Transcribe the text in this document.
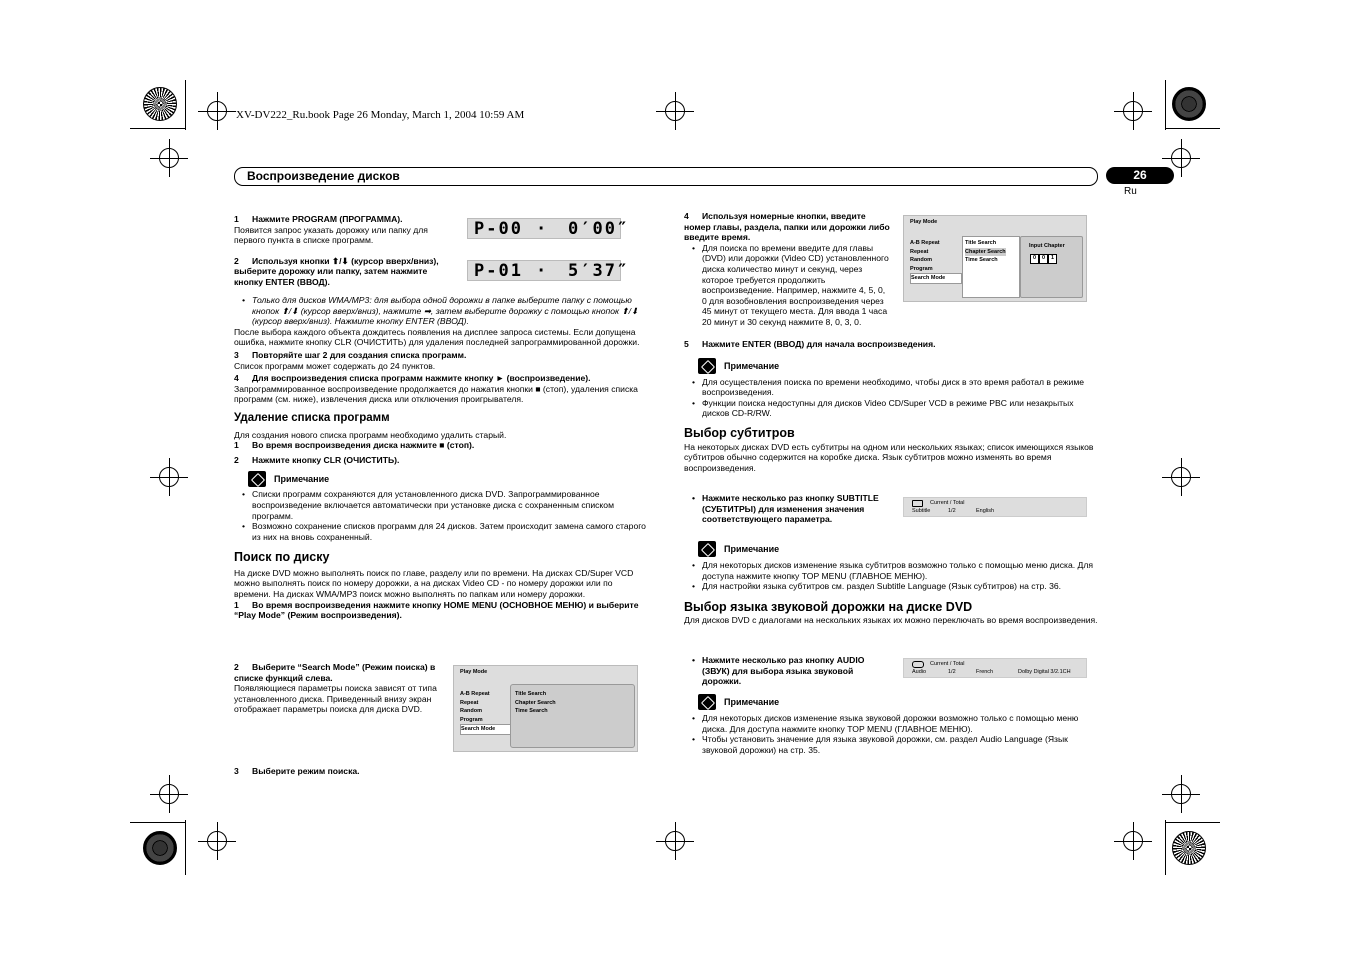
XV-DV222_Ru.book Page 26 Monday, March 1, 2004 10:59 AM
Воспроизведение дисков	26
Ru
P-00 · 0′00″
P-01 · 5′37″

1 Нажмите PROGRAM (ПРОГРАММА).

Появится запрос указать дорожку или папку для первого пункта в списке программ.

2 Используя кнопки ⬆/⬇ (курсор вверх/вниз), выберите дорожку или папку, затем нажмите кнопку ENTER (ВВОД).

• Только для дисков WMA/MP3: для выбора одной дорожки в папке выберите папку с помощью кнопок ⬆/⬇ (курсор вверх/вниз), нажмите ➡, затем выберите дорожку с помощью кнопок ⬆/⬇ (курсор вверх/вниз). Нажмите кнопку ENTER (ВВОД).

После выбора каждого объекта дождитесь появления на дисплее запроса системы. Если допущена ошибка, нажмите кнопку CLR (ОЧИСТИТЬ) для удаления последней запрограммированной дорожки.

3 Повторяйте шаг 2 для создания списка программ.

Список программ может содержать до 24 пунктов.

4 Для воспроизведения списка программ нажмите кнопку ► (воспроизведение).

Запрограммированное воспроизведение продолжается до нажатия кнопки ■ (стоп), удаления списка программ (см. ниже), извлечения диска или отключения проигрывателя.

Удаление списка программ

Для создания нового списка программ необходимо удалить старый.

1 Во время воспроизведения диска нажмите ■ (стоп).

2 Нажмите кнопку CLR (ОЧИСТИТЬ).

Примечание

• Списки программ сохраняются для установленного диска DVD. Запрограммированное воспроизведение включается автоматически при установке диска с сохраненным списком программ.

• Возможно сохранение списков программ для 24 дисков. Затем происходит замена самого старого из них на вновь сохраненный.

Поиск по диску

На диске DVD можно выполнять поиск по главе, разделу или по времени. На дисках CD/Super VCD можно выполнять поиск по номеру дорожки, а на дисках Video CD - по номеру дорожки или по времени. На дисках WMA/MP3 поиск можно выполнять по папкам или номеру дорожки.

1 Во время воспроизведения нажмите кнопку HOME MENU (ОСНОВНОЕ МЕНЮ) и выберите “Play Mode” (Режим воспроизведения).

2 Выберите “Search Mode” (Режим поиска) в списке функций слева.

Появляющиеся параметры поиска зависят от типа установленного диска. Приведенный внизу экран отображает параметры поиска для диска DVD.

3 Выберите режим поиска.

Play Mode
A-B Repeat
Repeat
Random
Program
Search Mode
Title Search
Chapter Search
Time Search

4 Используя номерные кнопки, введите номер главы, раздела, папки или дорожки либо введите время.

• Для поиска по времени введите для главы (DVD) или дорожки (Video CD) установленного диска количество минут и секунд, через которое требуется продолжить воспроизведение. Например, нажмите 4, 5, 0, 0 для возобновления воспроизведения через 45 минут от текущего места. Для ввода 1 часа 20 минут и 30 секунд нажмите 8, 0, 3, 0.

Play Mode
A-B Repeat
Repeat
Random
Program
Search Mode
Title Search
Chapter Search
Time Search
Input Chapter
0 0 1

5 Нажмите ENTER (ВВОД) для начала воспроизведения.

Примечание

• Для осуществления поиска по времени необходимо, чтобы диск в это время работал в режиме воспроизведения.

• Функции поиска недоступны для дисков Video CD/Super VCD в режиме PBC или незакрытых дисков CD-R/RW.

Выбор субтитров

На некоторых дисках DVD есть субтитры на одном или нескольких языках; список имеющихся языков субтитров обычно содержится на коробке диска. Язык субтитров можно изменять во время воспроизведения.

• Нажмите несколько раз кнопку SUBTITLE (СУБТИТРЫ) для изменения значения соответствующего параметра.

Current / Total
Subtitle	1/2	English
Примечание

• Для некоторых дисков изменение языка субтитров возможно только с помощью меню диска. Для доступа нажмите кнопку TOP MENU (ГЛАВНОЕ МЕНЮ).

• Для настройки языка субтитров см. раздел Subtitle Language (Язык субтитров) на стр. 36.

Выбор языка звуковой дорожки на диске DVD

Для дисков DVD с диалогами на нескольких языках их можно переключать во время воспроизведения.

• Нажмите несколько раз кнопку AUDIO (ЗВУК) для выбора языка звуковой дорожки.

Current / Total
Audio	1/2	French	Dolby Digital 3/2.1CH
Примечание

• Для некоторых дисков изменение языка звуковой дорожки возможно только с помощью меню диска. Для доступа нажмите кнопку TOP MENU (ГЛАВНОЕ МЕНЮ).

• Чтобы установить значение для языка звуковой дорожки, см. раздел Audio Language (Язык звуковой дорожки) на стр. 35.
